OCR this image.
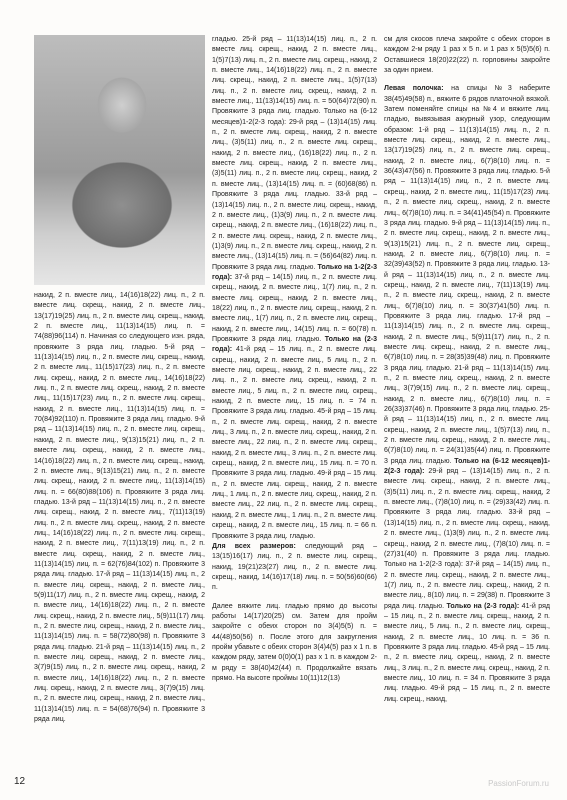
накид, 2 п. вместе лиц., 14(16)18(22) лиц. п., 2 п. вместе лиц. скрещ., накид, 2 п. вместе лиц., 13(17)19(25) лиц. п., 2 п. вместе лиц. скрещ., накид, 2 п. вместе лиц., 11(13)14(15) лиц. п. = 74(88)96(114) п. Начиная со следующего изн. ряда, провяжите 3 ряда лиц. гладью. 5-й ряд – 11(13)14(15) лиц. п., 2 п. вместе лиц. скрещ., накид, 2 п. вместе лиц., 11(15)17(23) лиц. п., 2 п. вместе лиц. скрещ., накид, 2 п. вместе лиц., 14(16)18(22) лиц. п., 2 п. вместе лиц. скрещ., накид, 2 п. вместе лиц., 11(15)17(23) лиц. п., 2 п. вместе лиц. скрещ., накид, 2 п. вместе лиц., 11(13)14(15) лиц. п. = 70(84)92(110) п. Провяжите 3 ряда лиц. гладью. 9-й ряд – 11(13)14(15) лиц. п., 2 п. вместе лиц. скрещ., накид, 2 п. вместе лиц., 9(13)15(21) лиц. п., 2 п. вместе лиц. скрещ., накид, 2 п. вместе лиц., 14(16)18(22) лиц. п., 2 п. вместе лиц. скрещ., накид, 2 п. вместе лиц., 9(13)15(21) лиц. п., 2 п. вместе лиц. скрещ., накид, 2 п. вместе лиц., 11(13)14(15) лиц. п. = 66(80)88(106) п. Провяжите 3 ряда лиц. гладью. 13-й ряд – 11(13)14(15) лиц. п., 2 п. вместе лиц. скрещ., накид, 2 п. вместе лиц., 7(11)13(19) лиц. п., 2 п. вместе лиц. скрещ., накид, 2 п. вместе лиц., 14(16)18(22) лиц. п., 2 п. вместе лиц. скрещ., накид, 2 п. вместе лиц., 7(11)13(19) лиц. п., 2 п. вместе лиц. скрещ., накид, 2 п. вместе лиц., 11(13)14(15) лиц. п. = 62(76)84(102) п. Провяжите 3 ряда лиц. гладью. 17-й ряд – 11(13)14(15) лиц. п., 2 п. вместе лиц. скрещ., накид, 2 п. вместе лиц., 5(9)11(17) лиц. п., 2 п. вместе лиц. скрещ., накид, 2 п. вместе лиц., 14(16)18(22) лиц. п., 2 п. вместе лиц. скрещ., накид, 2 п. вместе лиц., 5(9)11(17) лиц. п., 2 п. вместе лиц. скрещ., накид, 2 п. вместе лиц., 11(13)14(15) лиц. п. = 58(72)80(98) п. Провяжите 3 ряда лиц. гладью. 21-й ряд – 11(13)14(15) лиц. п., 2 п. вместе лиц. скрещ., накид, 2 п. вместе лиц., 3(7)9(15) лиц. п., 2 п. вместе лиц. скрещ., накид, 2 п. вместе лиц., 14(16)18(22) лиц. п., 2 п. вместе лиц. скрещ., накид, 2 п. вместе лиц., 3(7)9(15) лиц. п., 2 п. вместе лиц. скрещ., накид, 2 п. вместе лиц., 11(13)14(15) лиц. п. = 54(68)76(94) п. Провяжите 3 ряда лиц.

гладью. 25-й ряд – 11(13)14(15) лиц. п., 2 п. вместе лиц. скрещ., накид, 2 п. вместе лиц., 1(5)7(13) лиц. п., 2 п. вместе лиц. скрещ., накид, 2 п. вместе лиц., 14(16)18(22) лиц. п., 2 п. вместе лиц. скрещ., накид, 2 п. вместе лиц., 1(5)7(13) лиц. п., 2 п. вместе лиц. скрещ., накид, 2 п. вместе лиц., 11(13)14(15) лиц. п. = 50(64)72(90) п. Провяжите 3 ряда лиц. гладью. Только на (6-12 месяцев)1-2(2-3 года): 29-й ряд – (13)14(15) лиц. п., 2 п. вместе лиц. скрещ., накид, 2 п. вместе лиц., (3)5(11) лиц. п., 2 п. вместе лиц. скрещ., накид, 2 п. вместе лиц., (16)18(22) лиц. п., 2 п. вместе лиц. скрещ., накид, 2 п. вместе лиц., (3)5(11) лиц. п., 2 п. вместе лиц. скрещ., накид, 2 п. вместе лиц., (13)14(15) лиц. п. = (60)68(86) п. Провяжите 3 ряда лиц. гладью. 33-й ряд – (13)14(15) лиц. п., 2 п. вместе лиц. скрещ., накид, 2 п. вместе лиц., (1)3(9) лиц. п., 2 п. вместе лиц. скрещ., накид, 2 п. вместе лиц., (16)18(22) лиц. п., 2 п. вместе лиц. скрещ., накид, 2 п. вместе лиц., (1)3(9) лиц. п., 2 п. вместе лиц. скрещ., накид, 2 п. вместе лиц., (13)14(15) лиц. п. = (56)64(82) лиц. п. Провяжите 3 ряда лиц. гладью. Только на 1-2(2-3 года): 37-й ряд – 14(15) лиц. п., 2 п. вместе лиц. скрещ., накид, 2 п. вместе лиц., 1(7) лиц. п., 2 п. вместе лиц. скрещ., накид, 2 п. вместе лиц., 18(22) лиц. п., 2 п. вместе лиц. скрещ., накид, 2 п. вместе лиц., 1(7) лиц. п., 2 п. вместе лиц. скрещ., накид, 2 п. вместе лиц., 14(15) лиц. п. = 60(78) п. Провяжите 3 ряда лиц. гладью. Только на (2-3 года): 41-й ряд – 15 лиц. п., 2 п. вместе лиц. скрещ., накид, 2 п. вместе лиц., 5 лиц. п., 2 п. вместе лиц. скрещ., накид, 2 п. вместе лиц., 22 лиц. п., 2 п. вместе лиц. скрещ., накид, 2 п. вместе лиц., 5 лиц. п., 2 п. вместе лиц. скрещ., накид, 2 п. вместе лиц., 15 лиц. п. = 74 п. Провяжите 3 ряда лиц. гладью. 45-й ряд – 15 лиц. п., 2 п. вместе лиц. скрещ., накид, 2 п. вместе лиц., 3 лиц. п., 2 п. вместе лиц. скрещ., накид, 2 п. вместе лиц., 22 лиц. п., 2 п. вместе лиц. скрещ., накид, 2 п. вместе лиц., 3 лиц. п., 2 п. вместе лиц. скрещ., накид, 2 п. вместе лиц., 15 лиц. п. = 70 п. Провяжите 3 ряда лиц. гладью. 49-й ряд – 15 лиц. п., 2 п. вместе лиц. скрещ., накид, 2 п. вместе лиц., 1 лиц. п., 2 п. вместе лиц. скрещ., накид, 2 п. вместе лиц., 22 лиц. п., 2 п. вместе лиц. скрещ., накид, 2 п. вместе лиц., 1 лиц. п., 2 п. вместе лиц. скрещ., накид, 2 п. вместе лиц., 15 лиц. п. = 66 п. Провяжите 3 ряда лиц. гладью.

Для всех размеров: следующий ряд – 13(15)16(17) лиц. п., 2 п. вместе лиц. скрещ., накид, 19(21)23(27) лиц. п., 2 п. вместе лиц. скрещ., накид, 14(16)17(18) лиц. п. = 50(56)60(66) п.

Далее вяжите лиц. гладью прямо до высоты работы 14(17)20(25) см. Затем для пройм закройте с обеих сторон по 3(4)5(5) п. = 44(48)50(56) п. После этого для закругления пройм убавьте с обеих сторон 3(4)4(5) раз x 1 п. в каждом ряду, затем 0(0)0(1) раз x 1 п. в каждом 2-м ряду = 38(40)42(44) п. Продолжайте вязать прямо. На высоте проймы 10(11)12(13)

см для скосов плеча закройте с обеих сторон в каждом 2-м ряду 1 раз x 5 п. и 1 раз x 5(5)5(6) п. Оставшиеся 18(20)22(22) п. горловины закройте за один прием.

Левая полочка: на спицы №3 наберите 38(45)49(58) п., вяжите 6 рядов платочной вязкой. Затем поменяйте спицы на №4 и вяжите лиц. гладью, вывязывая ажурный узор, следующим образом: 1-й ряд – 11(13)14(15) лиц. п., 2 п. вместе лиц. скрещ., накид, 2 п. вместе лиц., 13(17)19(25) лиц. п., 2 п. вместе лиц. скрещ., накид, 2 п. вместе лиц., 6(7)8(10) лиц. п. = 36(43)47(56) п. Провяжите 3 ряда лиц. гладью. 5-й ряд – 11(13)14(15) лиц. п., 2 п. вместе лиц. скрещ., накид, 2 п. вместе лиц., 11(15)17(23) лиц. п., 2 п. вместе лиц. скрещ., накид, 2 п. вместе лиц., 6(7)8(10) лиц. п. = 34(41)45(54) п. Провяжите 3 ряда лиц. гладью. 9-й ряд – 11(13)14(15) лиц. п., 2 п. вместе лиц. скрещ., накид, 2 п. вместе лиц., 9(13)15(21) лиц. п., 2 п. вместе лиц. скрещ., накид, 2 п. вместе лиц., 6(7)8(10) лиц. п. = 32(39)43(52) п. Провяжите 3 ряда лиц. гладью. 13-й ряд – 11(13)14(15) лиц. п., 2 п. вместе лиц. скрещ., накид, 2 п. вместе лиц., 7(11)13(19) лиц. п., 2 п. вместе лиц. скрещ., накид, 2 п. вместе лиц., 6(7)8(10) лиц. п. = 30(37)41(50) лиц. п. Провяжите 3 ряда лиц. гладью. 17-й ряд – 11(13)14(15) лиц. п., 2 п. вместе лиц. скрещ., накид, 2 п. вместе лиц., 5(9)11(17) лиц. п., 2 п. вместе лиц. скрещ., накид, 2 п. вместе лиц., 6(7)8(10) лиц. п. = 28(35)39(48) лиц. п. Провяжите 3 ряда лиц. гладью. 21-й ряд – 11(13)14(15) лиц. п., 2 п. вместе лиц. скрещ., накид, 2 п. вместе лиц., 3(7)9(15) лиц. п., 2 п. вместе лиц. скрещ., накид, 2 п. вместе лиц., 6(7)8(10) лиц. п. = 26(33)37(46) п. Провяжите 3 ряда лиц. гладью. 25-й ряд – 11(13)14(15) лиц. п., 2 п. вместе лиц. скрещ., накид, 2 п. вместе лиц., 1(5)7(13) лиц. п., 2 п. вместе лиц. скрещ., накид, 2 п. вместе лиц., 6(7)8(10) лиц. п. = 24(31)35(44) лиц. п. Провяжите 3 ряда лиц. гладью. Только на (6-12 месяцев)1-2(2-3 года): 29-й ряд – (13)14(15) лиц. п., 2 п. вместе лиц. скрещ., накид, 2 п. вместе лиц., (3)5(11) лиц. п., 2 п. вместе лиц. скрещ., накид, 2 п. вместе лиц., (7)8(10) лиц. п. = (29)33(42) лиц. п. Провяжите 3 ряда лиц. гладью. 33-й ряд – (13)14(15) лиц. п., 2 п. вместе лиц. скрещ., накид, 2 п. вместе лиц., (1)3(9) лиц. п., 2 п. вместе лиц. скрещ., накид, 2 п. вместе лиц., (7)8(10) лиц. п. = (27)31(40) п. Провяжите 3 ряда лиц. гладью. Только на 1-2(2-3 года): 37-й ряд – 14(15) лиц. п., 2 п. вместе лиц. скрещ., накид, 2 п. вместе лиц., 1(7) лиц. п., 2 п. вместе лиц. скрещ., накид, 2 п. вместе лиц., 8(10) лиц. п. = 29(38) п. Провяжите 3 ряда лиц. гладью. Только на (2-3 года): 41-й ряд – 15 лиц. п., 2 п. вместе лиц. скрещ., накид, 2 п. вместе лиц., 5 лиц. п., 2 п. вместе лиц. скрещ., накид, 2 п. вместе лиц., 10 лиц. п. = 36 п. Провяжите 3 ряда лиц. гладью. 45-й ряд – 15 лиц. п., 2 п. вместе лиц. скрещ., накид, 2 п. вместе лиц., 3 лиц. п., 2 п. вместе лиц. скрещ., накид, 2 п. вместе лиц., 10 лиц. п. = 34 п. Провяжите 3 ряда лиц. гладью. 49-й ряд – 15 лиц. п., 2 п. вместе лиц. скрещ., накид,

12	PassionForum.ru
